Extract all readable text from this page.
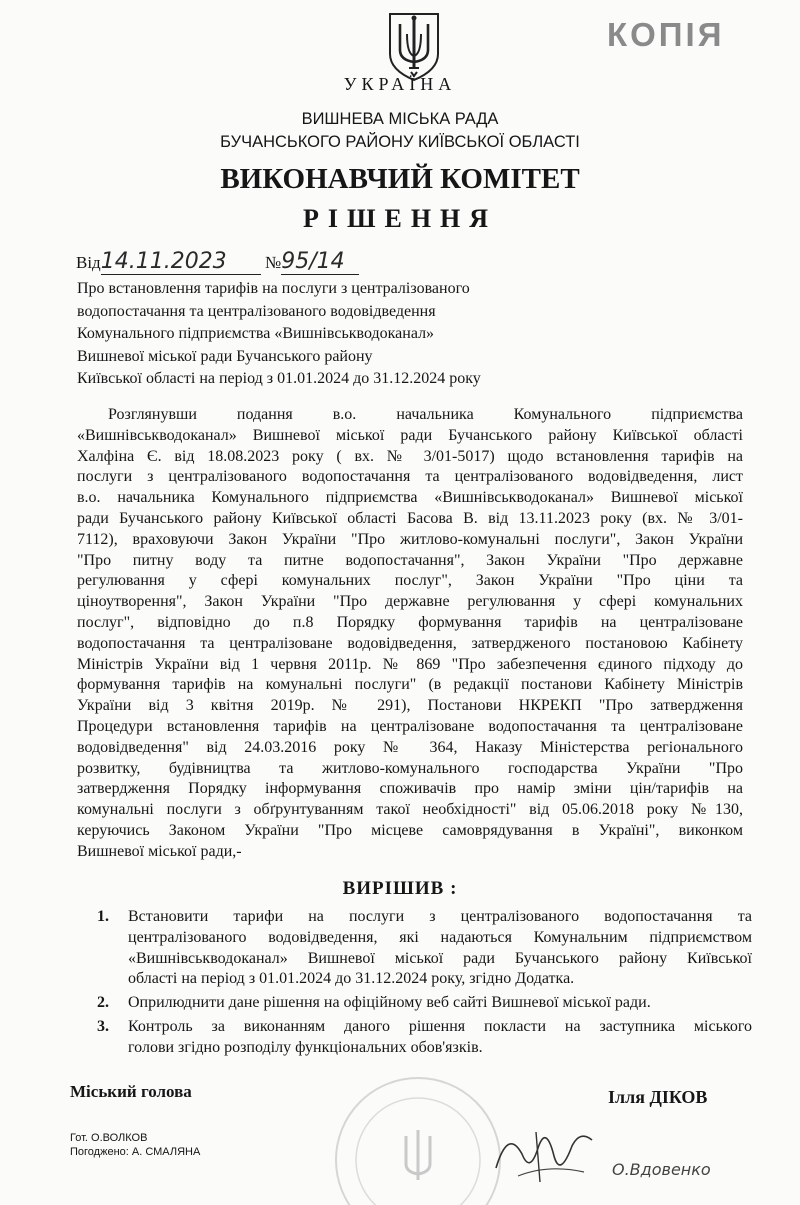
КОПІЯ
УКРАЇНА
ВИШНЕВА МІСЬКА РАДА
БУЧАНСЬКОГО РАЙОНУ КИЇВСЬКОЇ ОБЛАСТІ
ВИКОНАВЧИЙ КОМІТЕТ
РІШЕННЯ
Від14.11.2023 №95/14
Про встановлення тарифів на послуги з централізованого
водопостачання та централізованого водовідведення
Комунального підприємства «Вишнівськводоканал»
Вишневої міської ради Бучанського району
Київської області на період з 01.01.2024 до 31.12.2024 року
Розглянувши подання в.о. начальника Комунального підприємства
«Вишнівськводоканал» Вишневої міської ради Бучанського району Київської області
Халфіна Є. від 18.08.2023 року ( вх. № 3/01-5017) щодо встановлення тарифів на
послуги з централізованого водопостачання та централізованого водовідведення, лист
в.о. начальника Комунального підприємства «Вишнівськводоканал» Вишневої міської
ради Бучанського району Київської області Басова В. від 13.11.2023 року (вх. № 3/01-
7112), враховуючи Закон України "Про житлово-комунальні послуги", Закон України
"Про питну воду та питне водопостачання", Закон України "Про державне
регулювання у сфері комунальних послуг", Закон України "Про ціни та
ціноутворення", Закон України "Про державне регулювання у сфері комунальних
послуг", відповідно до п.8 Порядку формування тарифів на централізоване
водопостачання та централізоване водовідведення, затвердженого постановою Кабінету
Міністрів України від 1 червня 2011р. № 869 "Про забезпечення єдиного підходу до
формування тарифів на комунальні послуги" (в редакції постанови Кабінету Міністрів
України від 3 квітня 2019р. № 291), Постанови НКРЕКП "Про затвердження
Процедури встановлення тарифів на централізоване водопостачання та централізоване
водовідведення" від 24.03.2016 року № 364, Наказу Міністерства регіонального
розвитку, будівництва та житлово-комунального господарства України "Про
затвердження Порядку інформування споживачів про намір зміни цін/тарифів на
комунальні послуги з обґрунтуванням такої необхідності" від 05.06.2018 року №130,
керуючись Законом України "Про місцеве самоврядування в Україні", виконком
Вишневої міської ради,-
ВИРІШИВ :
1. Встановити тарифи на послуги з централізованого водопостачання та
централізованого водовідведення, які надаються Комунальним підприємством
«Вишнівськводоканал» Вишневої міської ради Бучанського району Київської
області на період з 01.01.2024 до 31.12.2024 року, згідно Додатка.
2. Оприлюднити дане рішення на офіційному веб сайті Вишневої міської ради.
3. Контроль за виконанням даного рішення покласти на заступника міського
голови згідно розподілу функціональних обов'язків.
Міський голова	Ілля ДІКОВ
Гот. О.ВОЛКОВ
Погоджено: А. СМАЛЯНА
О.Вдовенко
